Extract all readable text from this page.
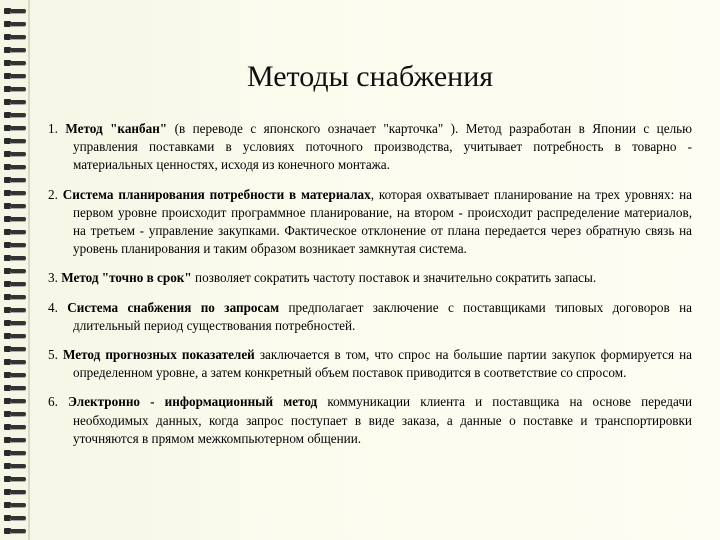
Методы снабжения

1. Метод "канбан" (в переводе с японского означает "карточка" ). Метод разработан в Японии с целью управления поставками в условиях поточного производства, учитывает потребность в товарно - материальных ценностях, исходя из конечного монтажа.

2. Система планирования потребности в материалах, которая охватывает планирование на трех уровнях: на первом уровне происходит программное планирование, на втором - происходит распределение материалов, на третьем - управление закупками. Фактическое отклонение от плана передается через обратную связь на уровень планирования и таким образом возникает замкнутая система.

3. Метод "точно в срок" позволяет сократить частоту поставок и значительно сократить запасы.

4. Система снабжения по запросам предполагает заключение с поставщиками типовых договоров на длительный период существования потребностей.

5. Метод прогнозных показателей заключается в том, что спрос на большие партии закупок формируется на определенном уровне, а затем конкретный объем поставок приводится в соответствие со спросом.

6. Электронно - информационный метод коммуникации клиента и поставщика на основе передачи необходимых данных, когда запрос поступает в виде заказа, а данные о поставке и транспортировки уточняются в прямом межкомпьютерном общении.
